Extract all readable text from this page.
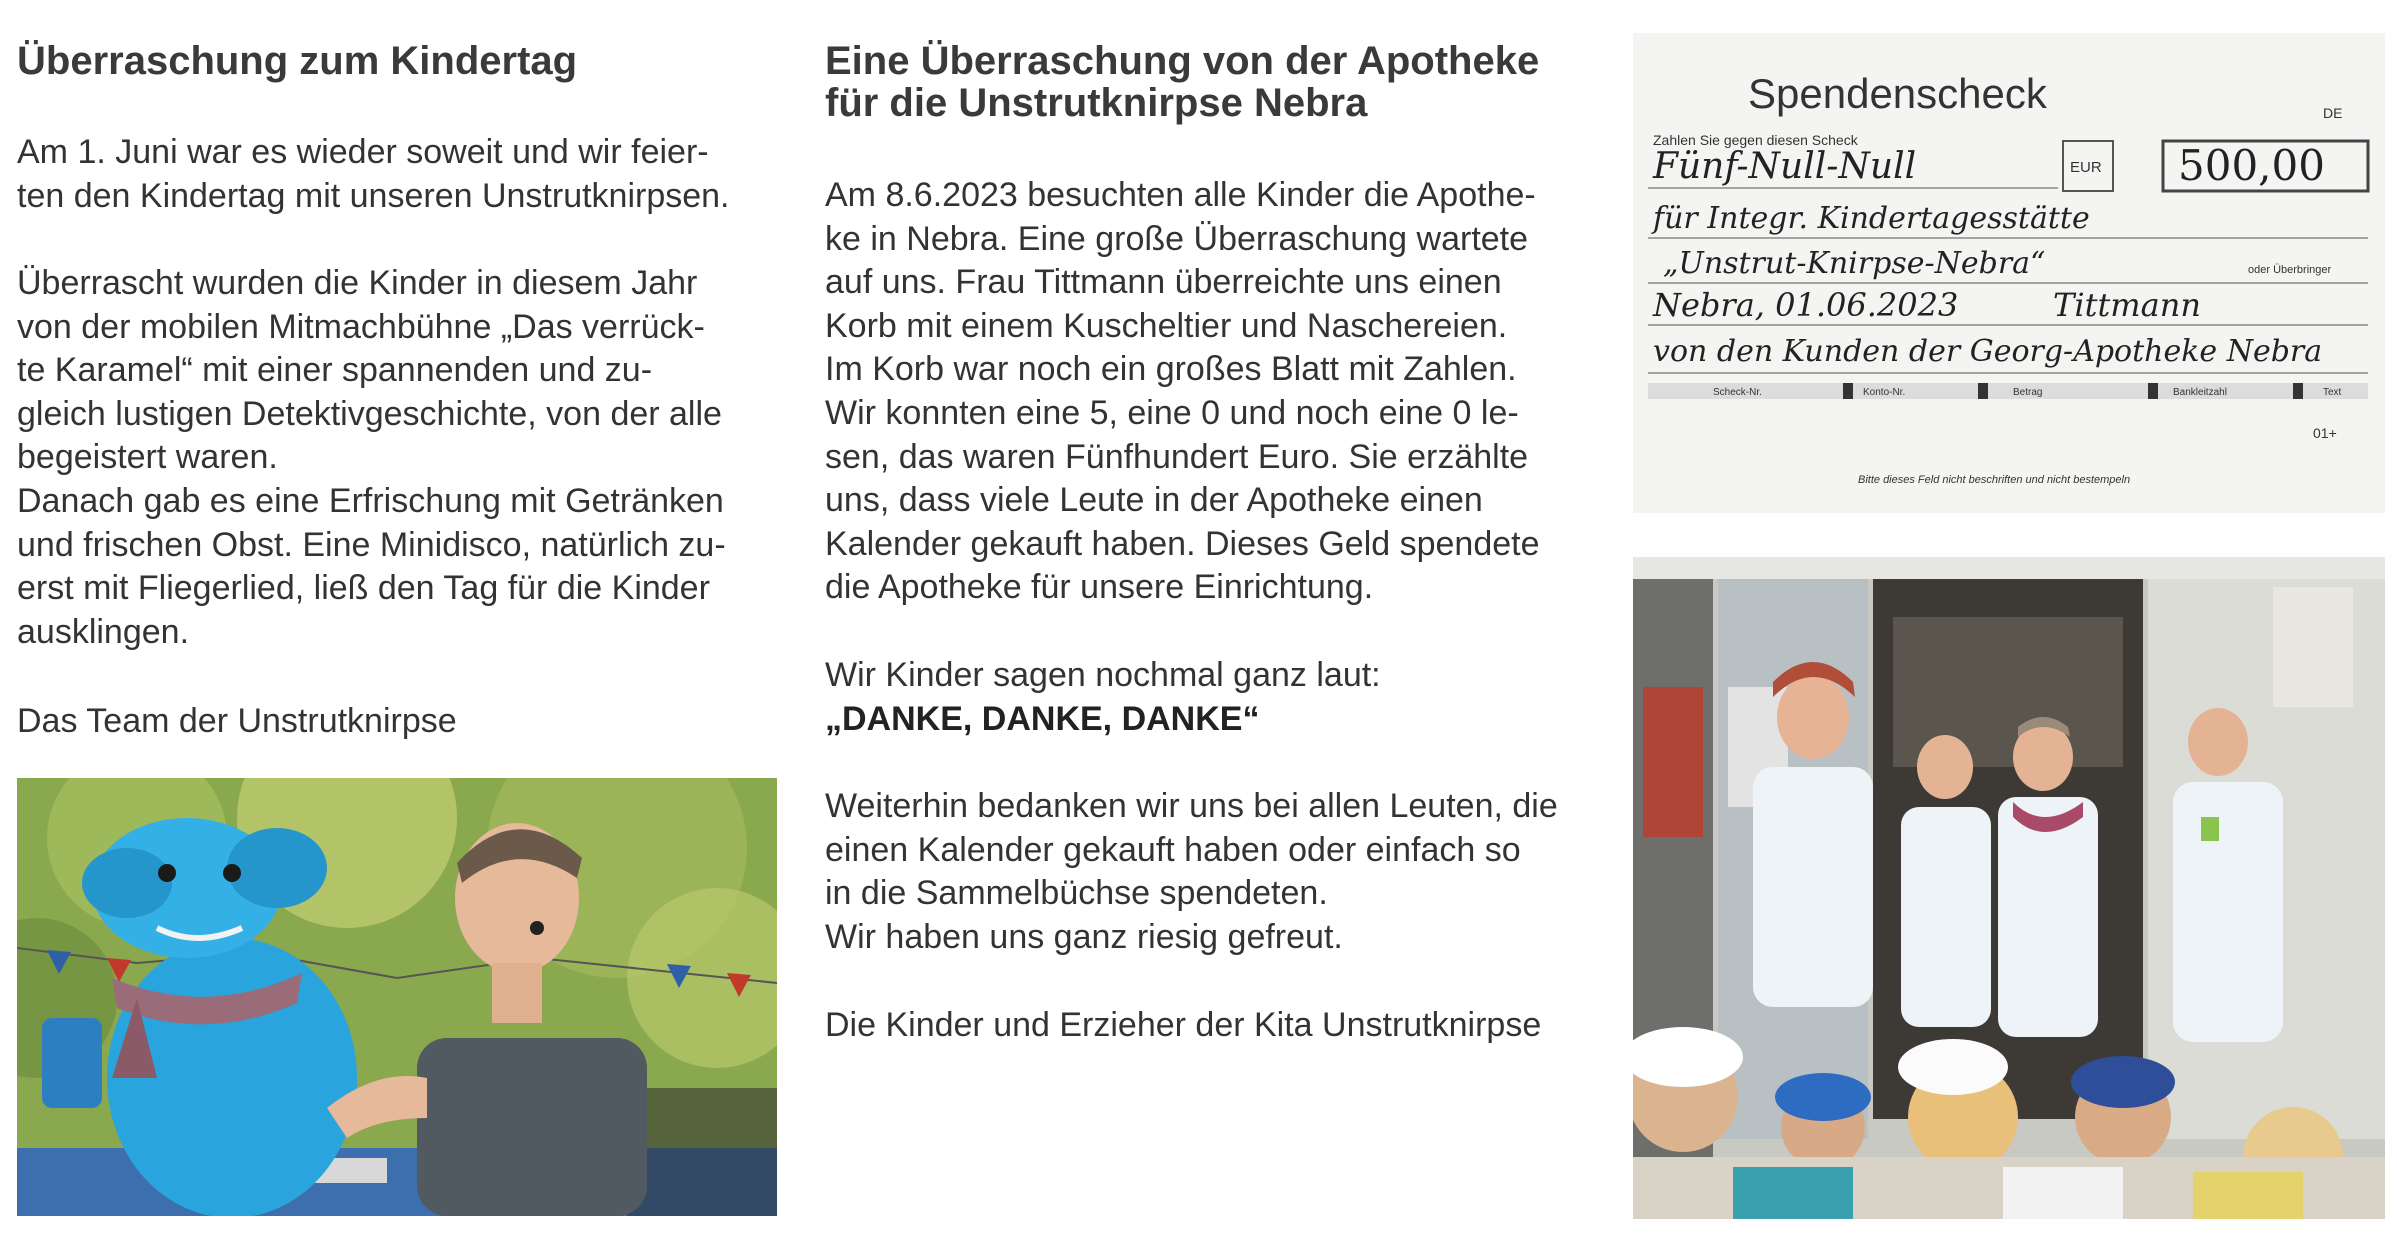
Überraschung zum Kindertag
Am 1. Juni war es wieder soweit und wir feier-
ten den Kindertag mit unseren Unstrutknirpsen.
Überrascht wurden die Kinder in diesem Jahr
von der mobilen Mitmachbühne „Das verrück-
te Karamel“ mit einer spannenden und zu-
gleich lustigen Detektivgeschichte, von der alle
begeistert waren.
Danach gab es eine Erfrischung mit Getränken
und frischen Obst. Eine Minidisco, natürlich zu-
erst mit Fliegerlied, ließ den Tag für die Kinder
ausklingen.
Das Team der Unstrutknirpse
Eine Überraschung von der Apotheke
für die Unstrutknirpse Nebra
Am 8.6.2023 besuchten alle Kinder die Apothe-
ke in Nebra. Eine große Überraschung wartete
auf uns. Frau Tittmann überreichte uns einen
Korb mit einem Kuscheltier und Naschereien.
Im Korb war noch ein großes Blatt mit Zahlen.
Wir konnten eine 5, eine 0 und noch eine 0 le-
sen, das waren Fünfhundert Euro. Sie erzählte
uns, dass viele Leute in der Apotheke einen
Kalender gekauft haben. Dieses Geld spendete
die Apotheke für unsere Einrichtung.
Wir Kinder sagen nochmal ganz laut:
„DANKE, DANKE, DANKE“
Weiterhin bedanken wir uns bei allen Leuten, die
einen Kalender gekauft haben oder einfach so
in die Sammelbüchse spendeten.
Wir haben uns ganz riesig gefreut.
Die Kinder und Erzieher der Kita Unstrutknirpse
Spendenscheck	DE
Zahlen Sie gegen diesen Scheck
Fünf-Null-Null	EUR 500,00
für Integr. Kindertagesstätte
„Unstrut-Knirpse-Nebra“	oder Überbringer
Nebra, 01.06.2023	Tittmann
von den Kunden der Georg-Apotheke Nebra
Scheck-Nr.	Konto-Nr.	Betrag	Bankleitzahl	Text
01+
Bitte dieses Feld nicht beschriften und nicht bestempeln
